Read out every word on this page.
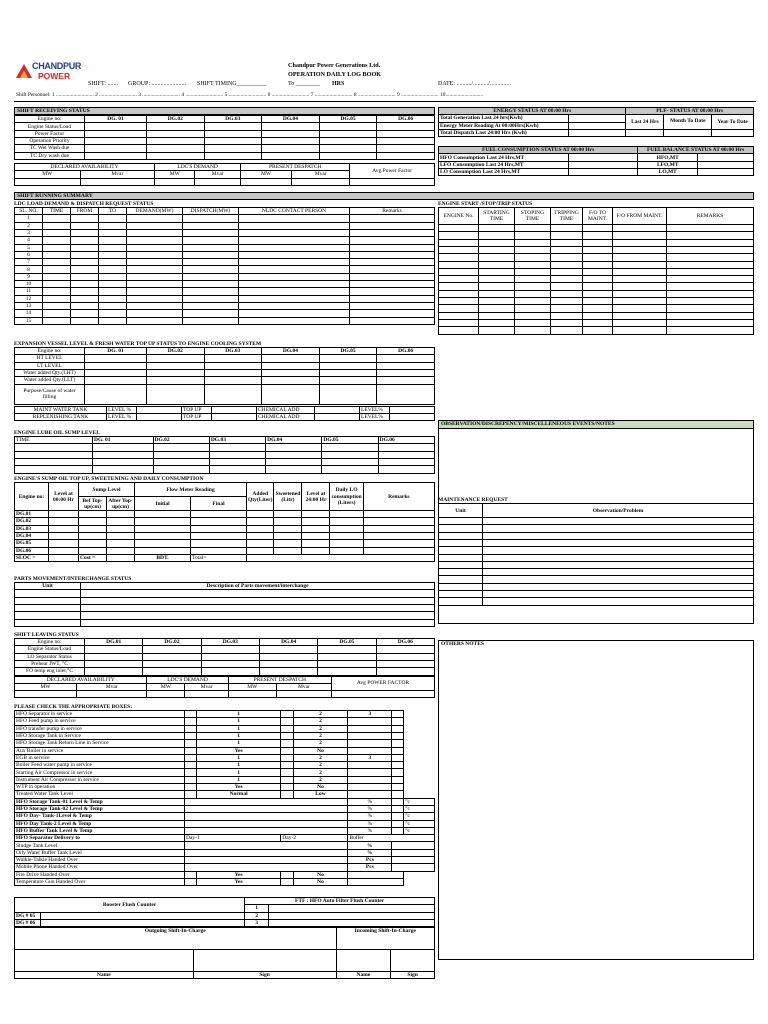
CHANDPUR
POWER
Chandpur Power Generations Ltd.
OPERATION DAILY LOG BOOK
SHIFT: ....... GROUP: ....................... SHIFT TIMING__________	To ________ HRS	DATE: ........../........../..............
Shift Personnel: 1 ............................ 2 ............................ 3 ............................ 4 ............................ 5 ............................ 6 ............................ 7 ............................ 8 ............................ 9 ............................ 10............................
SHIFT RECEIVING STATUS
Engine no:	DG. 01	DG.02	DG.03	DG.04	DG.05	DG.06
Engine Status/Load						
Power Factor						
Operation Priority						
TC Wet Wash due						
TC Dry wash due						
DECLARED AVAILABILITY		LDC'S DEMAND		PRESENT DESPATCH		Avg.Power Factor
MW	Mvar	MW	Mvar	MW	Mvar	

ENERGY STATUS AT 00:00 Hrs		PLF- STATUS AT 00:00 Hrs		
Total Generation Last 24 hrs(Kwh)		Last 24 Hrs	Month To Date	Year To Date
Energy Meter Reading At 00:00Hrs(Kwh)				
Total Dispatch Last 24:00 Hrs (Kwh)				
FUEL CONSUMPTION STATUS AT 00:00 Hrs		FUEL BALANCE STATUS AT 00:00 Hrs	
HFO Consumption Last 24 Hrs,MT		HFO,MT	
LFO Consumption Last 24 Hrs,MT		LFO,MT	
LO Consumption Last 24 Hrs,MT		LO,MT	
SHIFT RUNNING SUMMARY
LDC LOAD DEMAND & DISPATCH REQUEST STATUS
SL. NO.	TIME	FROM	TO	DEMAND(MW)	DISPATCH(MW)	NLDC CONTACT PERSON	Remarks
1							
2							
3							
4							
5							
6							
7							
8							
9							
10							
11							
12							
13							
14							
15							
ENGINE START /STOP/TRIP STATUS
ENGINE No.	STARTING TIME	STOPING TIME	TRIPPING TIME	F/O TO MAINT.	F/O FROM MAINT.	REMARKS

EXPANSION VESSEL LEVEL & FRESH WATER TOP UP STATUS TO ENGINE COOLING SYSTEM
Engine no:	DG. 01	DG.02	DG.03	DG.04	DG.05	DG.06
HT LEVEL						
LT LEVEL						
Water added Qty.(LHT)						
Water added Qty.(LLT)						
Purpose/Cause of water filling						
MAINT WATER TANK	LEVEL %		TOP UP		CHEMICAL ADD		LEVEL%	
REPLENISHING TANK	LEVEL %		TOP UP		CHEMICAL ADD		LEVEL%	
OBSERVATION/DISCREPENCY/MISCELLENEOUS EVENTS/NOTES
ENGINE LUBE OIL SUMP LEVEL
TIME	DG. 01	DG.02	DG.03	DG.04	DG.05	DG.06

ENGINE'S SUMP OIL TOP UP, SWEETENING AND DAILY CONSUMPTION
Engine no:	Level at 00:00 Hr	Sump Level		Flow Meter Reading		Added Qty(Liter)	Sweetened (Litr)	Level at 24:00 Hr	Daily LO consumption (Liters)	Remarks
		Bef Top-up(cm)	After Top-up(cm)	Initial	Final					
DG.01										
DG.02										
DG.03										
DG.04										
DG.05										
DG.06										
SLOC =		Cost =		BDT.	Total=					
MAINTENANCE REQUEST
Unit	Observation/Problem

PARTS MOVEMENT/INTERCHANGE STATUS
Unit	Description of Parts movement/interchange

SHIFT LEAVING STATUS
Engine no:	DG.01	DG.02	DG.03	DG.04	DG.05	DG.06
Engine Status/Load						
LO Separator Status						
Preheat JWT, °C						
FO temp eng inlet,°C						
DECLARED AVAILABILITY		LDC'S DEMAND		PRESENT DESPATCH		Avg POWER FACTOR
MW	Mvar	MW	Mvar	MW	Mvar	

OTHERS NOTES
PLEASE CHECK THE APPROPRIATE BOXES:
HFO Separator in service		1		2	3		
HFO Feed pump in service		1		2			
HFO transfer pump in service		1		2			
HFO Storage Tank in Service		1		2			
HFO Storage Tank Return Line in Service		1		2			
Aux Boiler in service		Yes		No			
EGB in service		1		2	3		
Boiler Feed water pump in service		1		2			
Starting Air Compressor in service		1		2			
Instrument Air Compressor in service		1		2			
WTP in operation		Yes		No			
Treated Water Tank Level		Normal		Low			
HFO Storage Tank-01 Level & Temp					%		°c
HFO Storage Tank-02 Level & Temp					%		°c
HFO Day- Tank-1Level & Temp					%		°c
HFO Day Tank-2 Level & Temp					%		°c
HFO Buffer Tank Level & Temp					%		°c
HFO Separator Delivery to	Day-1		Day-2		Buffer		
Sludge Tank Level					%		
Oily Water Buffer Tank Level					%		
Walkie-Talkie Handed Over					Pcs		
Mobile Phone Handed Over					Pcs		
Fire Drive Handed Over		Yes		No			
Temperature Gun Handed Over		Yes		No			
Booster Flush Counter		FTF : HFO Auto Filter Flush Counter	
		1	
DG # 05		2	
DG # 06		3	
Outgoing Shift-In-Charge		Incoming Shift-In-Charge	

Name	Sign	Name	Sign
